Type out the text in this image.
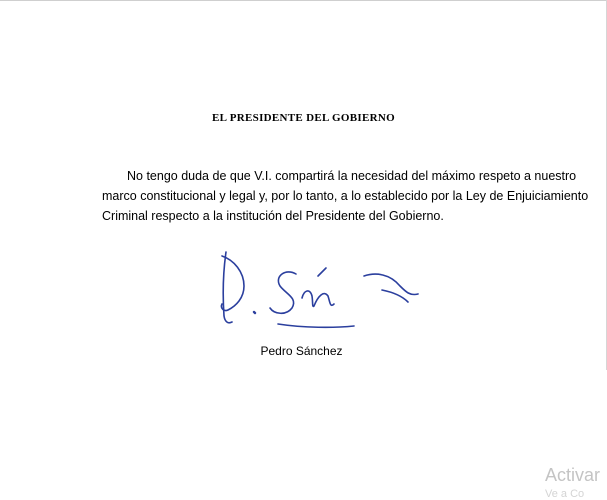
EL PRESIDENTE DEL GOBIERNO
No tengo duda de que V.I. compartirá la necesidad del máximo respeto a nuestro
marco constitucional y legal y, por lo tanto, a lo establecido por la Ley de Enjuiciamiento
Criminal respecto a la institución del Presidente del Gobierno.
P. Sánchez
Pedro Sánchez
Activar
Ve a Co
